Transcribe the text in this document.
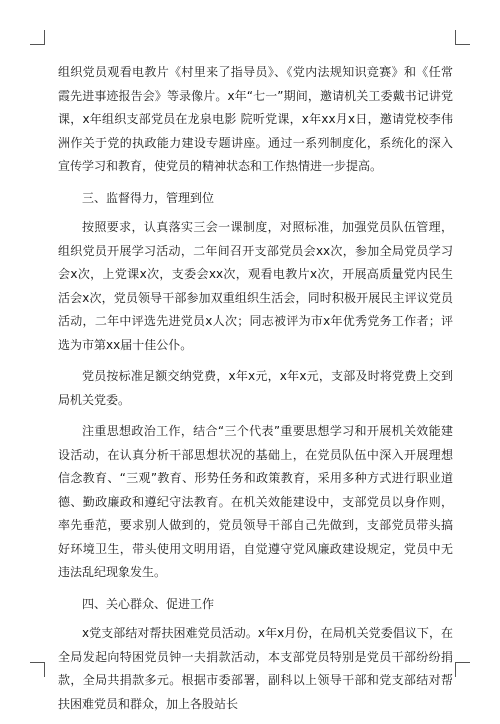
组织党员观看电教片《村里来了指导员》、《党内法规知识竞赛》和《任常霞先进事迹报告会》等录像片。x年“七一”期间，邀请机关工委戴书记讲党课，x年组织支部党员在龙泉电影 院听党课，x年xx月x日，邀请党校李伟洲作关于党的执政能力建设专题讲座。通过一系列制度化，系统化的深入宣传学习和教育，使党员的精神状态和工作热情进一步提高。

三、监督得力，管理到位

按照要求，认真落实三会一课制度，对照标准，加强党员队伍管理，组织党员开展学习活动，二年间召开支部党员会xx次，参加全局党员学习会x次，上党课x次，支委会xx次，观看电教片x次，开展高质量党内民生活会x次，党员领导干部参加双重组织生活会，同时积极开展民主评议党员活动，二年中评选先进党员x人次；同志被评为市x年优秀党务工作者；评选为市第xx届十佳公仆。

党员按标准足额交纳党费，x年x元，x年x元，支部及时将党费上交到局机关党委。

注重思想政治工作，结合“三个代表”重要思想学习和开展机关效能建设活动，在认真分析干部思想状况的基础上，在党员队伍中深入开展理想信念教育、“三观”教育、形势任务和政策教育，采用多种方式进行职业道德、勤政廉政和遵纪守法教育。在机关效能建设中，支部党员以身作则，率先垂范，要求别人做到的，党员领导干部自己先做到，支部党员带头搞好环境卫生，带头使用文明用语，自觉遵守党风廉政建设规定，党员中无违法乱纪现象发生。

四、关心群众、促进工作

x党支部结对帮扶困难党员活动。x年x月份，在局机关党委倡议下，在全局发起向特困党员钟一夫捐款活动，本支部党员特别是党员干部纷纷捐款，全局共捐款多元。根据市委部署，副科以上领导干部和党支部结对帮扶困难党员和群众，加上各股站长
